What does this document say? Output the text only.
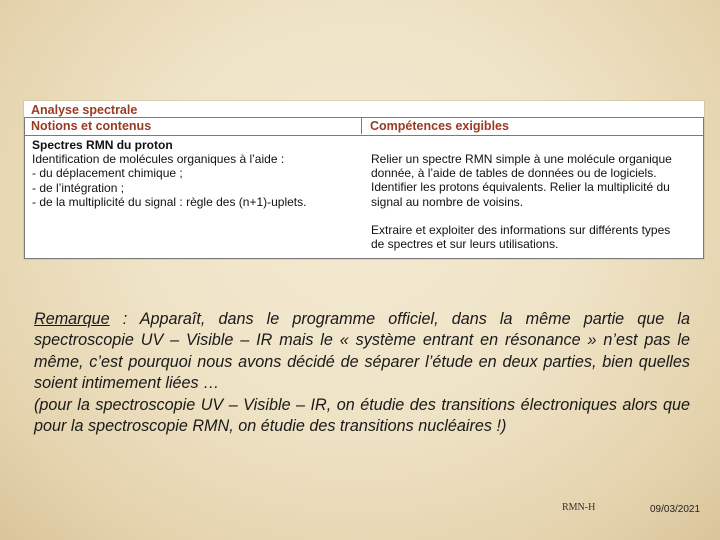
Analyse spectrale
Notions et contenus	Compétences exigibles
Spectres RMN du proton
Identification de molécules organiques à l’aide :
- du déplacement chimique ;
- de l’intégration ;
- de la multiplicité du signal : règle des (n+1)-uplets.

Relier un spectre RMN simple à une molécule organique
donnée, à l’aide de tables de données ou de logiciels.
Identifier les protons équivalents. Relier la multiplicité du
signal au nombre de voisins.

Extraire et exploiter des informations sur différents types
de spectres et sur leurs utilisations.

Remarque : Apparaît, dans le programme officiel, dans la même partie que la spectroscopie UV – Visible – IR mais le « système entrant en résonance » n’est pas le même, c’est pourquoi nous avons décidé de séparer l’étude en deux parties, bien quelles soient intimement liées …
(pour la spectroscopie UV – Visible – IR, on étudie des transitions électroniques alors que pour la spectroscopie RMN, on étudie des transitions nucléaires !)
RMN-H	09/03/2021
